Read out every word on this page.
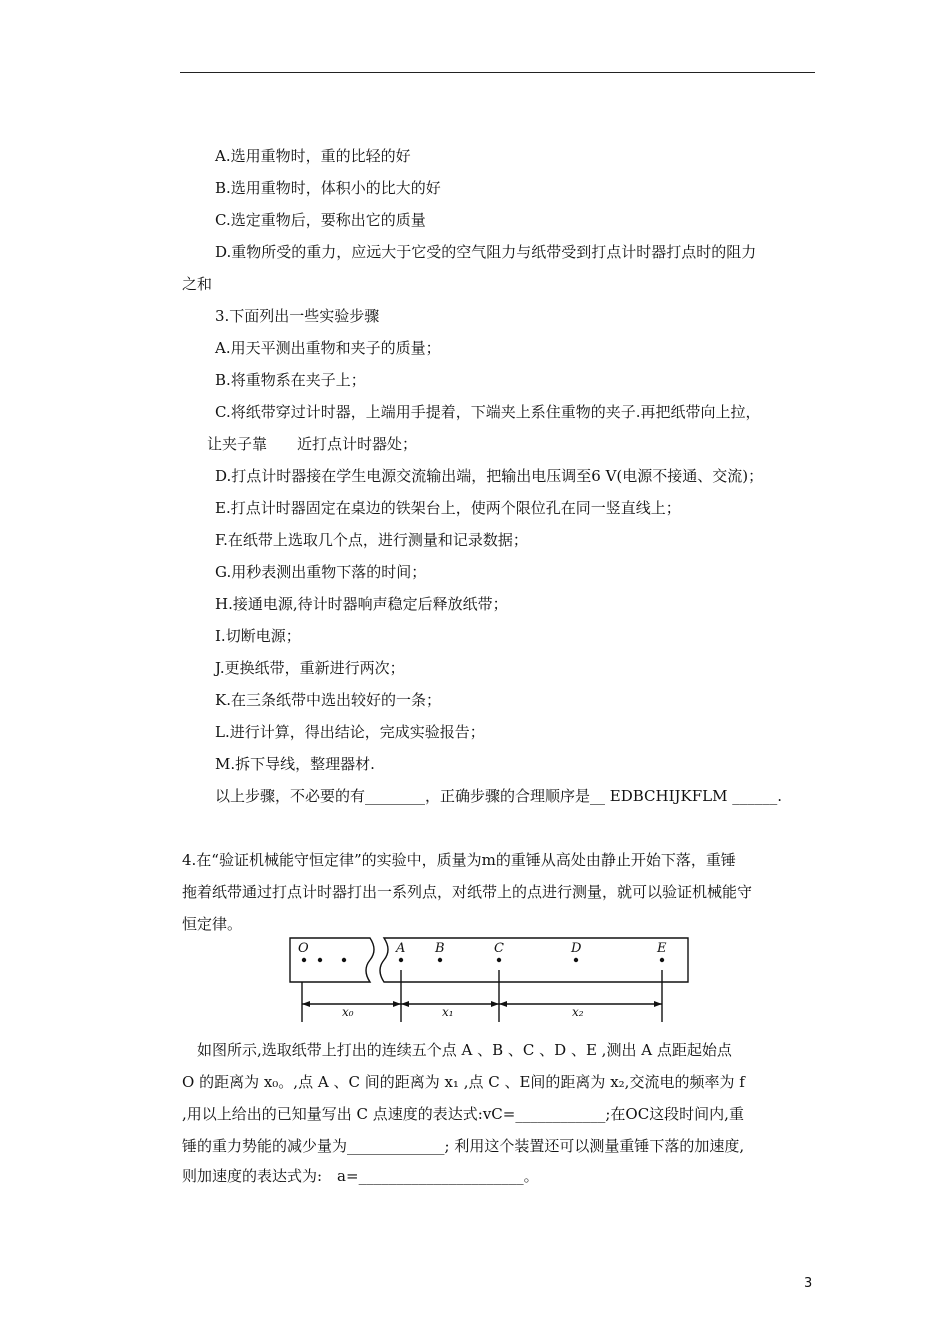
A.选用重物时，重的比轻的好
B.选用重物时，体积小的比大的好
C.选定重物后，要称出它的质量
D.重物所受的重力，应远大于它受的空气阻力与纸带受到打点计时器打点时的阻力
之和
3.下面列出一些实验步骤
A.用天平测出重物和夹子的质量；
B.将重物系在夹子上；
C.将纸带穿过计时器，上端用手提着，下端夹上系住重物的夹子.再把纸带向上拉，
让夹子靠　　近打点计时器处；
D.打点计时器接在学生电源交流输出端，把输出电压调至6 V(电源不接通、交流)；
E.打点计时器固定在桌边的铁架台上，使两个限位孔在同一竖直线上；
F.在纸带上选取几个点，进行测量和记录数据；
G.用秒表测出重物下落的时间；
H.接通电源,待计时器响声稳定后释放纸带；
I.切断电源；
J.更换纸带，重新进行两次；
K.在三条纸带中选出较好的一条；
L.进行计算，得出结论，完成实验报告；
M.拆下导线，整理器材.
以上步骤，不必要的有________，正确步骤的合理顺序是__ EDBCHIJKFLM ______.
4.在“验证机械能守恒定律”的实验中，质量为m的重锤从高处由静止开始下落，重锤
拖着纸带通过打点计时器打出一系列点，对纸带上的点进行测量，就可以验证机械能守
恒定律。
O	A B	C	D	E
x₀	x₁	x₂
如图所示,选取纸带上打出的连续五个点 A 、B 、C 、D 、E ,测出 A 点距起始点
O 的距离为 x₀。,点 A 、C 间的距离为 x₁ ,点 C 、E间的距离为 x₂,交流电的频率为 f
,用以上给出的已知量写出 C 点速度的表达式:vC=____________;在OC这段时间内,重
锤的重力势能的减少量为_____________; 利用这个装置还可以测量重锤下落的加速度,
则加速度的表达式为:　a=______________________。
3
